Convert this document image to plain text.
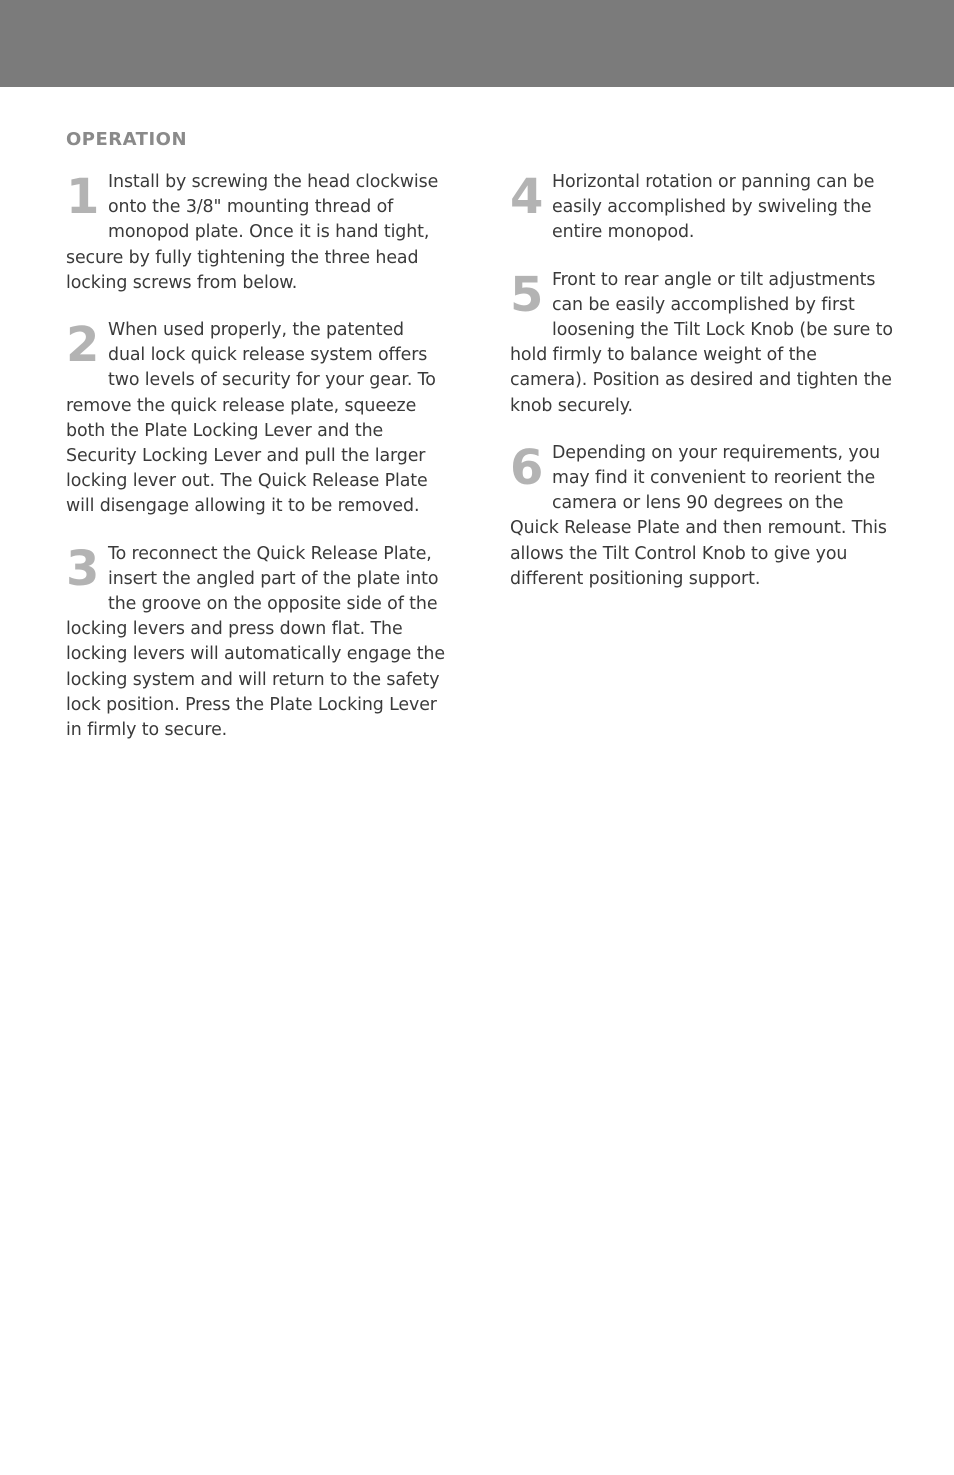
OPERATION

1 Install by screwing the head clockwise onto the 3/8" mounting thread of monopod plate. Once it is hand tight, secure by fully tightening the three head locking screws from below.

2 When used properly, the patented dual lock quick release system offers two levels of security for your gear. To remove the quick release plate, squeeze both the Plate Locking Lever and the Security Locking Lever and pull the larger locking lever out. The Quick Release Plate will disengage allowing it to be removed.

3 To reconnect the Quick Release Plate, insert the angled part of the plate into the groove on the opposite side of the locking levers and press down flat. The locking levers will automatically engage the locking system and will return to the safety lock position. Press the Plate Locking Lever in firmly to secure.

4 Horizontal rotation or panning can be easily accomplished by swiveling the entire monopod.

5 Front to rear angle or tilt adjustments can be easily accomplished by first loosening the Tilt Lock Knob (be sure to hold firmly to balance weight of the camera). Position as desired and tighten the knob securely.

6 Depending on your requirements, you may find it convenient to reorient the camera or lens 90 degrees on the Quick Release Plate and then remount. This allows the Tilt Control Knob to give you different positioning support.
